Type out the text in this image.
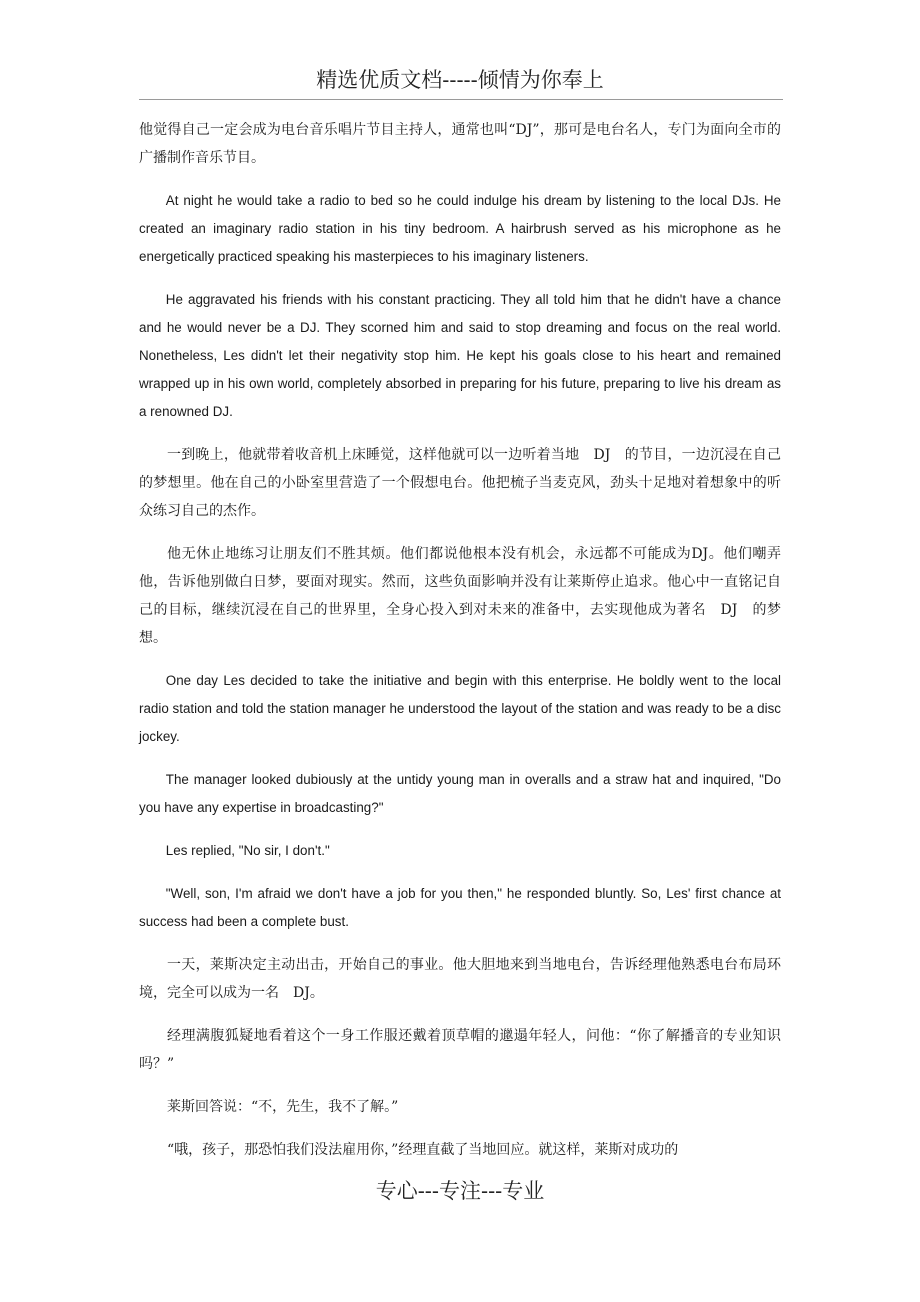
精选优质文档-----倾情为你奉上

他觉得自己一定会成为电台音乐唱片节目主持人，通常也叫“DJ”，那可是电台名人，专门为面向全市的广播制作音乐节目。

At night he would take a radio to bed so he could indulge his dream by listening to the local DJs. He created an imaginary radio station in his tiny bedroom. A hairbrush served as his microphone as he energetically practiced speaking his masterpieces to his imaginary listeners.

He aggravated his friends with his constant practicing. They all told him that he didn't have a chance and he would never be a DJ. They scorned him and said to stop dreaming and focus on the real world. Nonetheless, Les didn't let their negativity stop him. He kept his goals close to his heart and remained wrapped up in his own world, completely absorbed in preparing for his future, preparing to live his dream as a renowned DJ.

一到晚上，他就带着收音机上床睡觉，这样他就可以一边听着当地　DJ　的节目，一边沉浸在自己的梦想里。他在自己的小卧室里营造了一个假想电台。他把梳子当麦克风，劲头十足地对着想象中的听众练习自己的杰作。

他无休止地练习让朋友们不胜其烦。他们都说他根本没有机会，永远都不可能成为DJ。他们嘲弄他，告诉他别做白日梦，要面对现实。然而，这些负面影响并没有让莱斯停止追求。他心中一直铭记自己的目标，继续沉浸在自己的世界里，全身心投入到对未来的准备中，去实现他成为著名　DJ　的梦想。

One day Les decided to take the initiative and begin with this enterprise. He boldly went to the local radio station and told the station manager he understood the layout of the station and was ready to be a disc jockey.

The manager looked dubiously at the untidy young man in overalls and a straw hat and inquired, "Do you have any expertise in broadcasting?"

Les replied, "No sir, I don't."

"Well, son, I'm afraid we don't have a job for you then," he responded bluntly. So, Les' first chance at success had been a complete bust.

一天，莱斯决定主动出击，开始自己的事业。他大胆地来到当地电台，告诉经理他熟悉电台布局环境，完全可以成为一名　DJ。

经理满腹狐疑地看着这个一身工作服还戴着顶草帽的邋遢年轻人，问他：“你了解播音的专业知识吗？”

莱斯回答说：“不，先生，我不了解。”

“哦，孩子，那恐怕我们没法雇用你，”经理直截了当地回应。就这样，莱斯对成功的

专心---专注---专业
